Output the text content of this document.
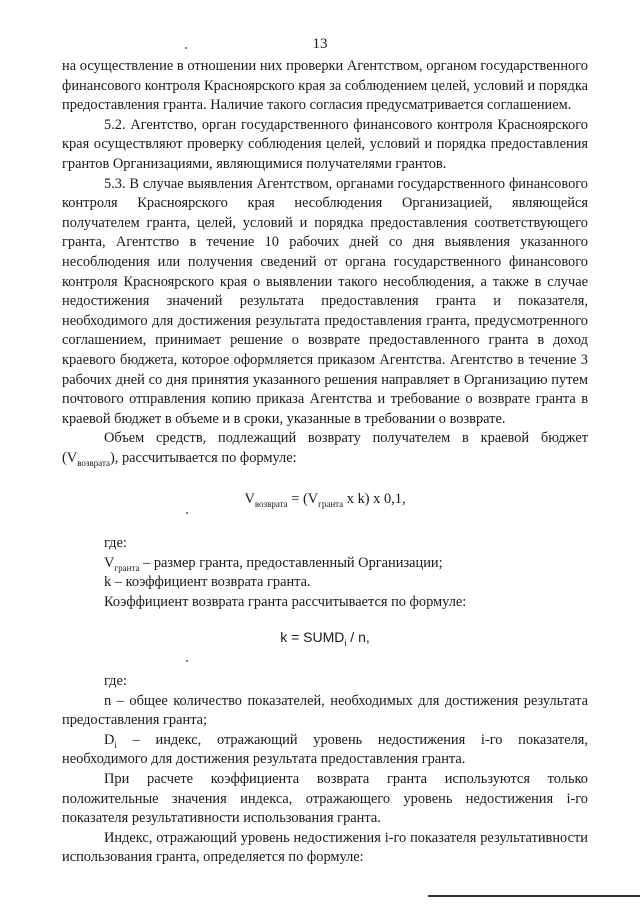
13

на осуществление в отношении них проверки Агентством, органом государственного финансового контроля Красноярского края за соблюдением целей, условий и порядка предоставления гранта. Наличие такого согласия предусматривается соглашением.

5.2. Агентство, орган государственного финансового контроля Красноярского края осуществляют проверку соблюдения целей, условий и порядка предоставления грантов Организациями, являющимися получателями грантов.

5.3. В случае выявления Агентством, органами государственного финансового контроля Красноярского края несоблюдения Организацией, являющейся получателем гранта, целей, условий и порядка предоставления соответствующего гранта, Агентство в течение 10 рабочих дней со дня выявления указанного несоблюдения или получения сведений от органа государственного финансового контроля Красноярского края о выявлении такого несоблюдения, а также в случае недостижения значений результата предоставления гранта и показателя, необходимого для достижения результата предоставления гранта, предусмотренного соглашением, принимает решение о возврате предоставленного гранта в доход краевого бюджета, которое оформляется приказом Агентства. Агентство в течение 3 рабочих дней со дня принятия указанного решения направляет в Организацию путем почтового отправления копию приказа Агентства и требование о возврате гранта в краевой бюджет в объеме и в сроки, указанные в требовании о возврате.

Объем средств, подлежащий возврату получателем в краевой бюджет $(V_{возврата})$, рассчитывается по формуле:

$V_{возврата} = (V_{гранта}$ x k) x 0,1,

где:

$V_{гранта}$ – размер гранта, предоставленный Организации;

k – коэффициент возврата гранта.

Коэффициент возврата гранта рассчитывается по формуле:

$k = SUMD_i / n$,

где:

n – общее количество показателей, необходимых для достижения результата предоставления гранта;

$D_i$ – индекс, отражающий уровень недостижения i-го показателя, необходимого для достижения результата предоставления гранта.

При расчете коэффициента возврата гранта используются только положительные значения индекса, отражающего уровень недостижения i-го показателя результативности использования гранта.

Индекс, отражающий уровень недостижения i-го показателя результативности использования гранта, определяется по формуле:
